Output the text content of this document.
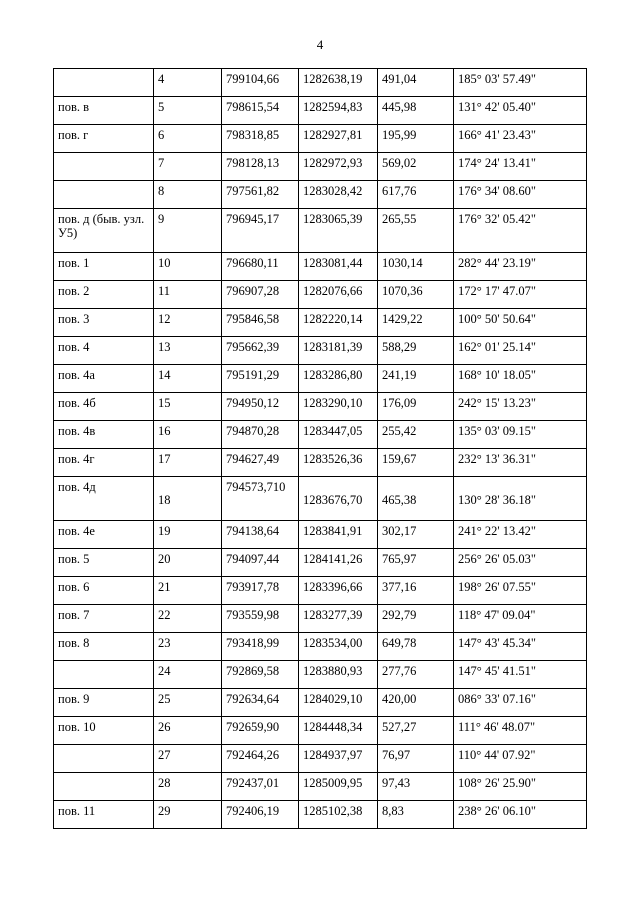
4
	4	799104,66	1282638,19	491,04	185° 03' 57.49"
пов. в	5	798615,54	1282594,83	445,98	131° 42' 05.40"
пов. г	6	798318,85	1282927,81	195,99	166° 41' 23.43"
	7	798128,13	1282972,93	569,02	174° 24' 13.41"
	8	797561,82	1283028,42	617,76	176° 34' 08.60"
пов. д (быв. узл.У5)	9	796945,17	1283065,39	265,55	176° 32' 05.42"
пов. 1	10	796680,11	1283081,44	1030,14	282° 44' 23.19"
пов. 2	11	796907,28	1282076,66	1070,36	172° 17' 47.07"
пов. 3	12	795846,58	1282220,14	1429,22	100° 50' 50.64"
пов. 4	13	795662,39	1283181,39	588,29	162° 01' 25.14"
пов. 4а	14	795191,29	1283286,80	241,19	168° 10' 18.05"
пов. 4б	15	794950,12	1283290,10	176,09	242° 15' 13.23"
пов. 4в	16	794870,28	1283447,05	255,42	135° 03' 09.15"
пов. 4г	17	794627,49	1283526,36	159,67	232° 13' 36.31"
пов. 4д	18	794573,710	1283676,70	465,38	130° 28' 36.18"
пов. 4е	19	794138,64	1283841,91	302,17	241° 22' 13.42"
пов. 5	20	794097,44	1284141,26	765,97	256° 26' 05.03"
пов. 6	21	793917,78	1283396,66	377,16	198° 26' 07.55"
пов. 7	22	793559,98	1283277,39	292,79	118° 47' 09.04"
пов. 8	23	793418,99	1283534,00	649,78	147° 43' 45.34"
	24	792869,58	1283880,93	277,76	147° 45' 41.51"
пов. 9	25	792634,64	1284029,10	420,00	086° 33' 07.16"
пов. 10	26	792659,90	1284448,34	527,27	111° 46' 48.07"
	27	792464,26	1284937,97	76,97	110° 44' 07.92"
	28	792437,01	1285009,95	97,43	108° 26' 25.90"
пов. 11	29	792406,19	1285102,38	8,83	238° 26' 06.10"
